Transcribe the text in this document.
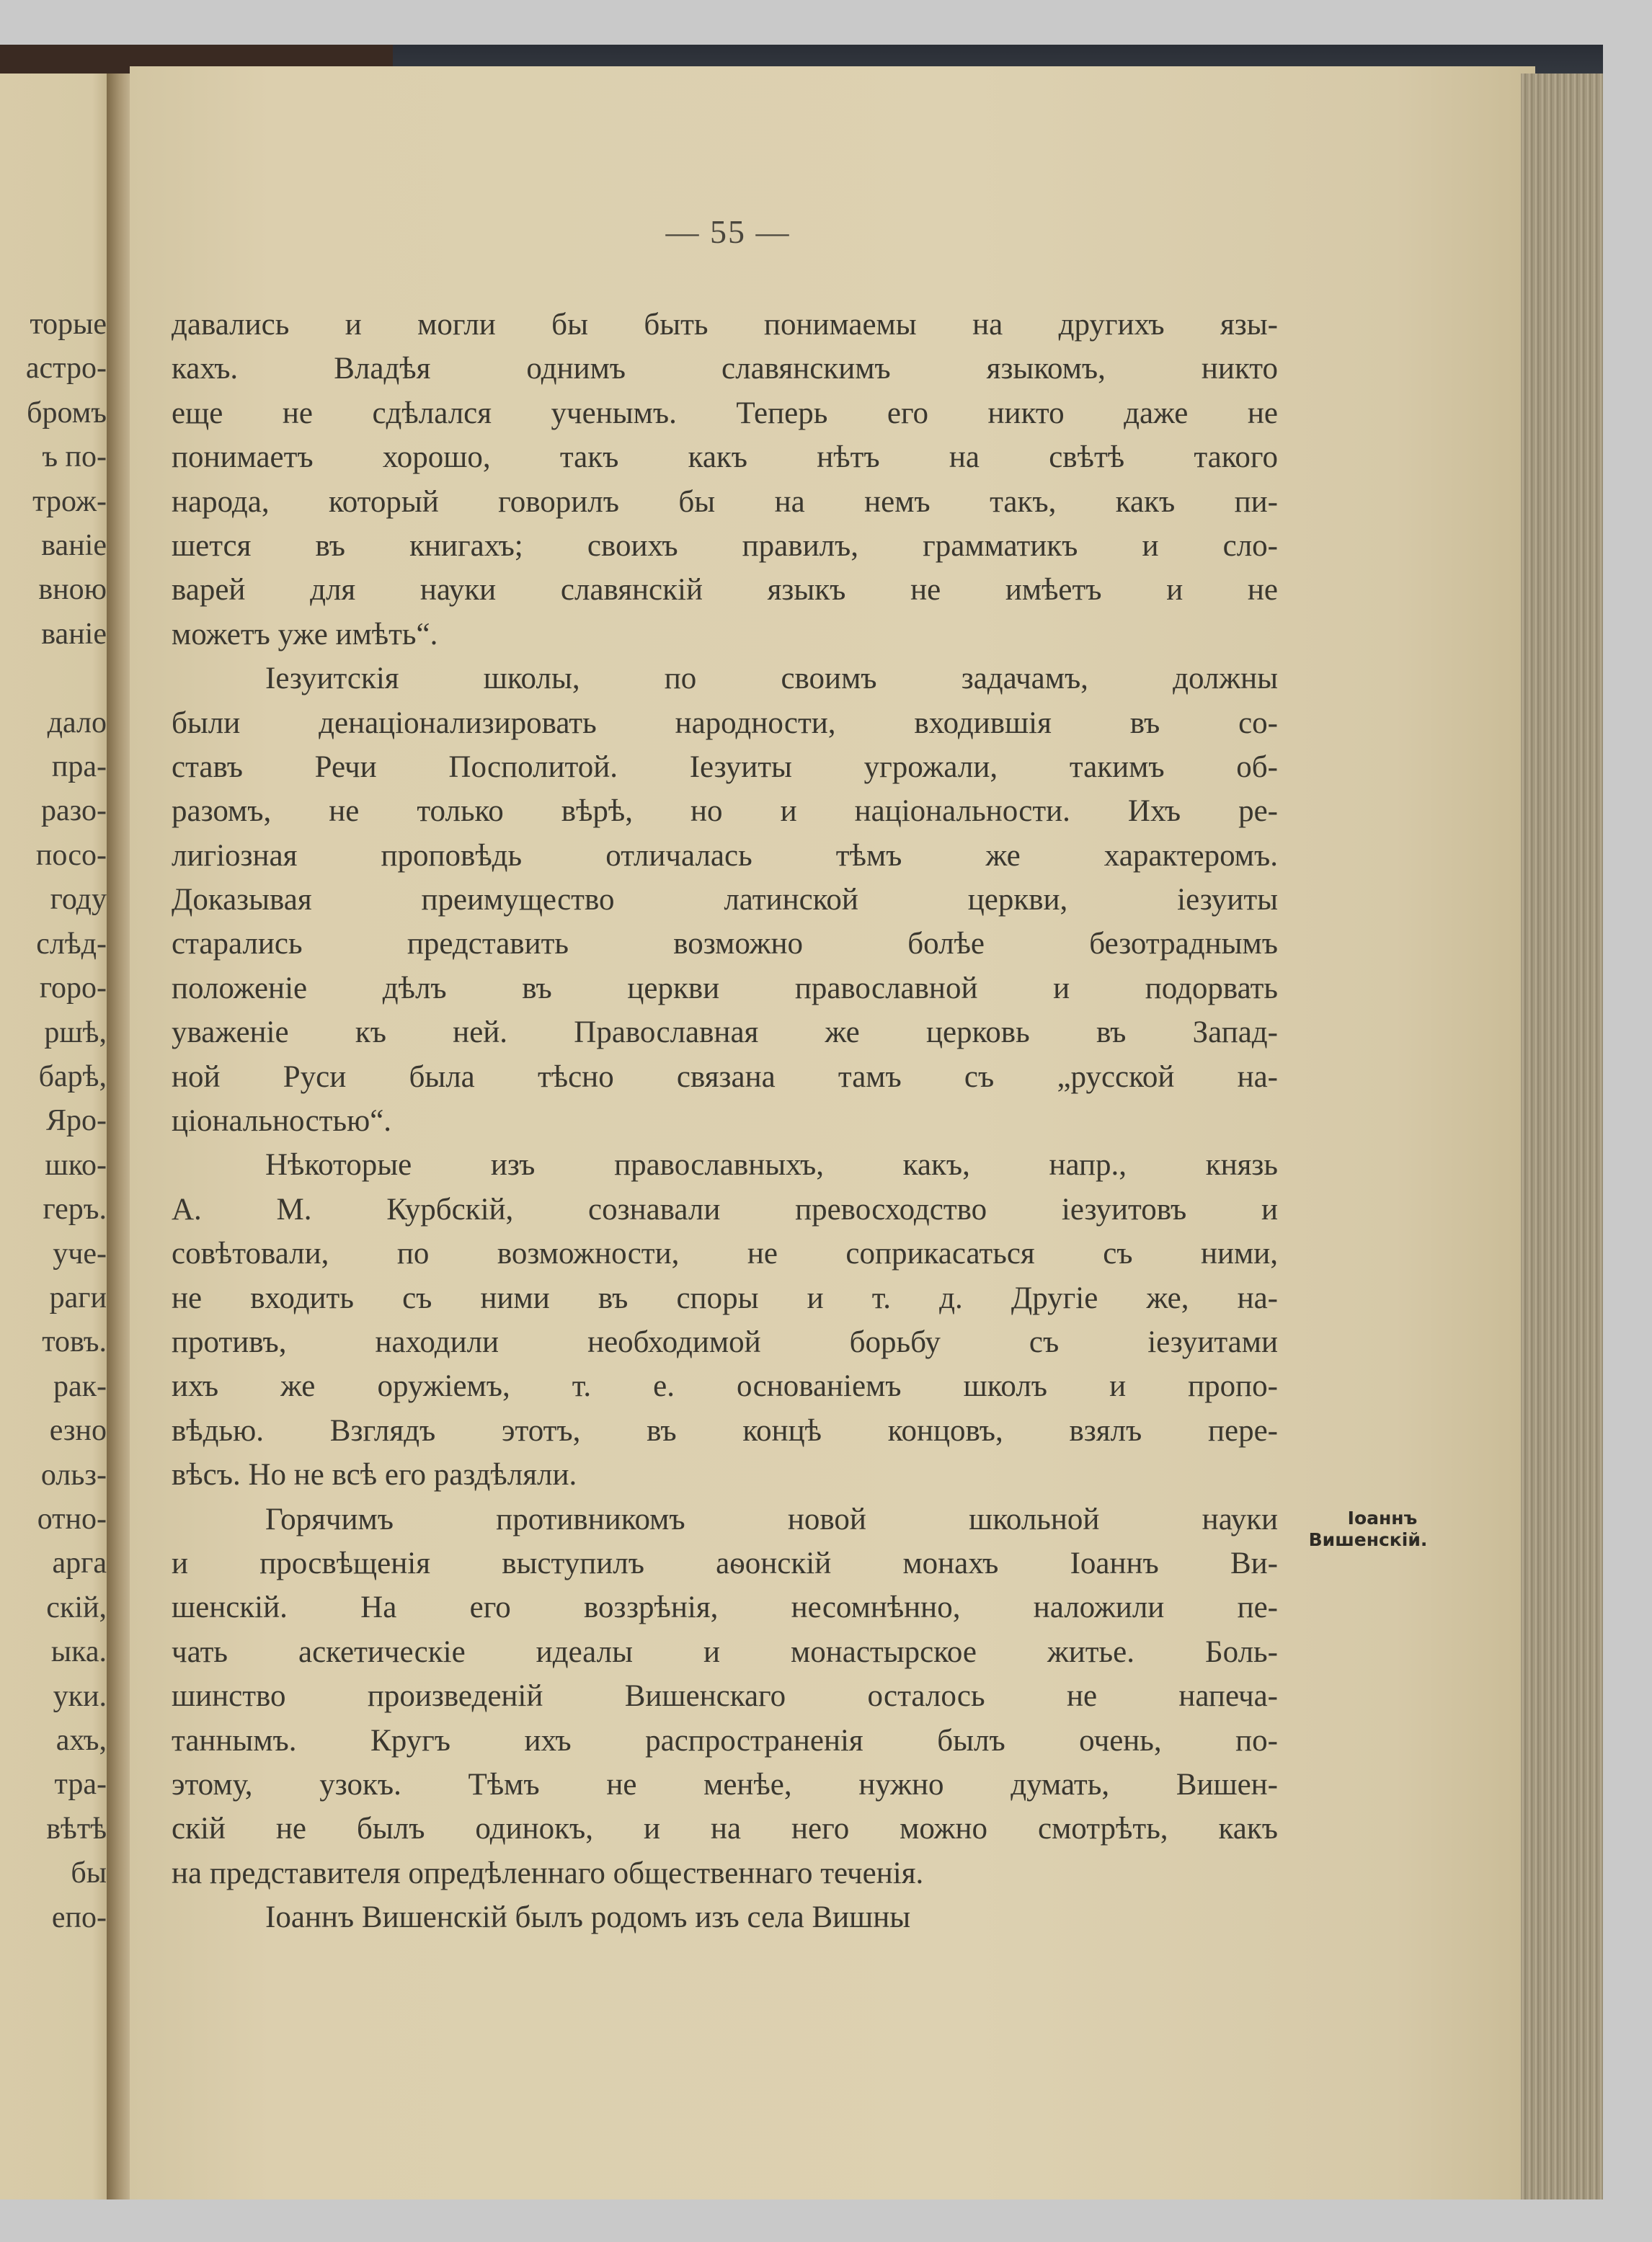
торые
астро-
бромъ
ъ по-
трож-
ваніе
вною
ваніе

дало
пра-
разо-
посо-
году
слѣд-
горо-
ршѣ,
барѣ,
Яро-
шко-
геръ.
уче-
раги
товъ.
рак-
езно
ольз-
отно-
арга
скій,
ыка.
уки.
ахъ,
тра-
вѣтѣ
бы
епо-
— 55 —
давались и могли бы быть понимаемы на другихъ язы-
кахъ. Владѣя однимъ славянскимъ языкомъ, никто
еще не сдѣлался ученымъ. Теперь его никто даже не
понимаетъ хорошо, такъ какъ нѣтъ на свѣтѣ такого
народа, который говорилъ бы на немъ такъ, какъ пи-
шется въ книгахъ; своихъ правилъ, грамматикъ и сло-
варей для науки славянскій языкъ не имѣетъ и не
можетъ уже имѣть“.
Іезуитскія школы, по своимъ задачамъ, должны
были денаціонализировать народности, входившія въ со-
ставъ Речи Посполитой. Іезуиты угрожали, такимъ об-
разомъ, не только вѣрѣ, но и національности. Ихъ ре-
лигіозная проповѣдь отличалась тѣмъ же характеромъ.
Доказывая преимущество латинской церкви, іезуиты
старались представить возможно болѣе безотраднымъ
положеніе дѣлъ въ церкви православной и подорвать
уваженіе къ ней. Православная же церковь въ Запад-
ной Руси была тѣсно связана тамъ съ „русской на-
ціональностью“.
Нѣкоторые изъ православныхъ, какъ, напр., князь
А. М. Курбскій, сознавали превосходство іезуитовъ и
совѣтовали, по возможности, не соприкасаться съ ними,
не входить съ ними въ споры и т. д. Другіе же, на-
противъ, находили необходимой борьбу съ іезуитами
ихъ же оружіемъ, т. е. основаніемъ школъ и пропо-
вѣдью. Взглядъ этотъ, въ концѣ концовъ, взялъ пере-
вѣсъ. Но не всѣ его раздѣляли.
Горячимъ противникомъ новой школьной науки
и просвѣщенія выступилъ аѳонскій монахъ Іоаннъ Ви-
шенскій. На его воззрѣнія, несомнѣнно, наложили пе-
чать аскетическіе идеалы и монастырское житье. Боль-
шинство произведеній Вишенскаго осталось не напеча-
таннымъ. Кругъ ихъ распространенія былъ очень, по-
этому, узокъ. Тѣмъ не менѣе, нужно думать, Вишен-
скій не былъ одинокъ, и на него можно смотрѣть, какъ
на представителя опредѣленнаго общественнаго теченія.
Іоаннъ Вишенскій былъ родомъ изъ села Вишны
Іоаннъ
Вишенскій.
